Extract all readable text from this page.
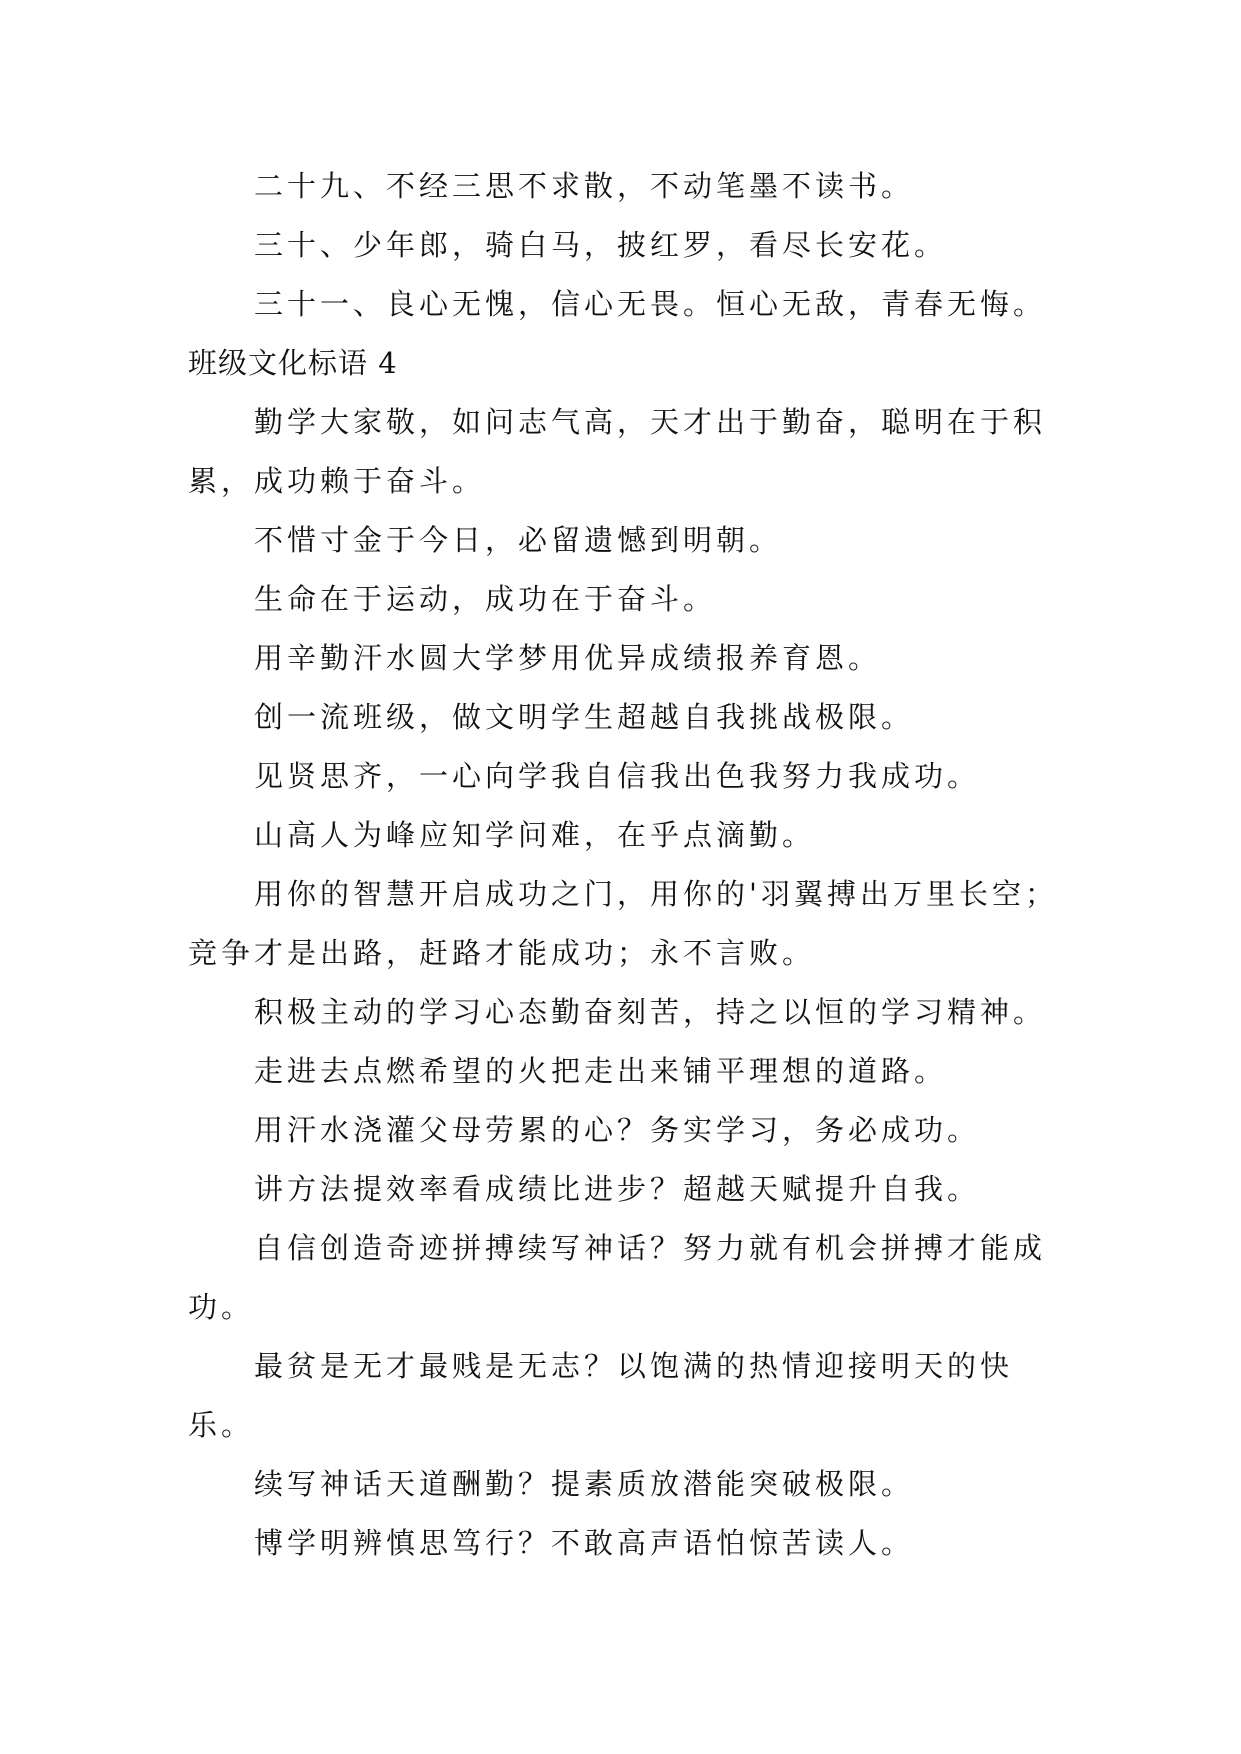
二十九、不经三思不求散，不动笔墨不读书。

三十、少年郎，骑白马，披红罗，看尽长安花。

三十一、良心无愧，信心无畏。恒心无敌，青春无悔。

班级文化标语 4

勤学大家敬，如问志气高，天才出于勤奋，聪明在于积累，成功赖于奋斗。

不惜寸金于今日，必留遗憾到明朝。

生命在于运动，成功在于奋斗。

用辛勤汗水圆大学梦用优异成绩报养育恩。

创一流班级，做文明学生超越自我挑战极限。

见贤思齐，一心向学我自信我出色我努力我成功。

山高人为峰应知学问难，在乎点滴勤。

用你的智慧开启成功之门，用你的'羽翼搏出万里长空；竞争才是出路，赶路才能成功；永不言败。

积极主动的学习心态勤奋刻苦，持之以恒的学习精神。

走进去点燃希望的火把走出来铺平理想的道路。

用汗水浇灌父母劳累的心？务实学习，务必成功。

讲方法提效率看成绩比进步？超越天赋提升自我。

自信创造奇迹拼搏续写神话？努力就有机会拼搏才能成功。

最贫是无才最贱是无志？以饱满的热情迎接明天的快乐。

续写神话天道酬勤？提素质放潜能突破极限。

博学明辨慎思笃行？不敢高声语怕惊苦读人。
